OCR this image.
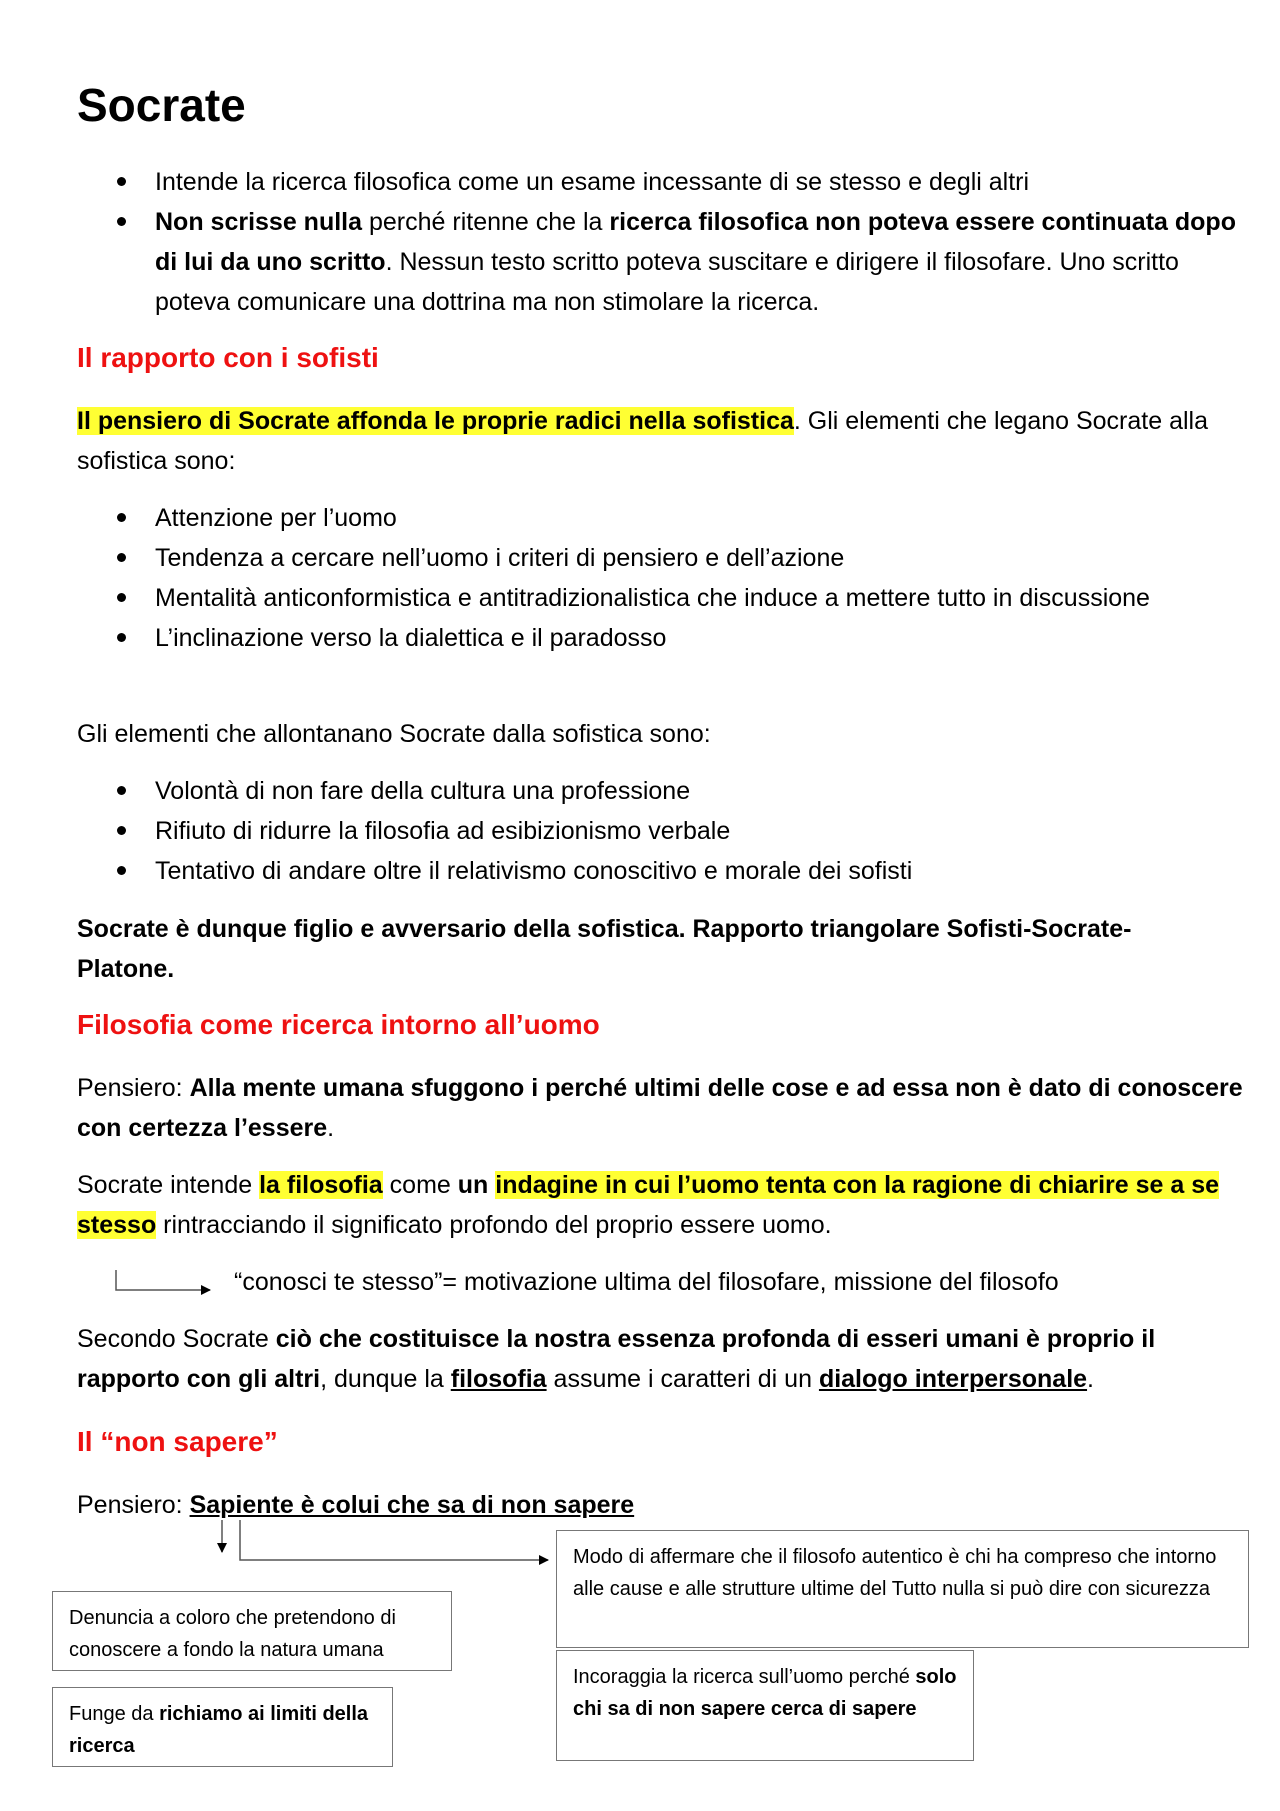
Socrate
Intende la ricerca filosofica come un esame incessante di se stesso e degli altri
Non scrisse nulla perché ritenne che la ricerca filosofica non poteva essere continuata dopo di lui da uno scritto. Nessun testo scritto poteva suscitare e dirigere il filosofare. Uno scritto poteva comunicare una dottrina ma non stimolare la ricerca.
Il rapporto con i sofisti

Il pensiero di Socrate affonda le proprie radici nella sofistica. Gli elementi che legano Socrate alla sofistica sono:

Attenzione per l’uomo
Tendenza a cercare nell’uomo i criteri di pensiero e dell’azione
Mentalità anticonformistica e antitradizionalistica che induce a mettere tutto in discussione
L’inclinazione verso la dialettica e il paradosso

Gli elementi che allontanano Socrate dalla sofistica sono:

Volontà di non fare della cultura una professione
Rifiuto di ridurre la filosofia ad esibizionismo verbale
Tentativo di andare oltre il relativismo conoscitivo e morale dei sofisti

Socrate è dunque figlio e avversario della sofistica. Rapporto triangolare Sofisti-Socrate-Platone.

Filosofia come ricerca intorno all’uomo

Pensiero: Alla mente umana sfuggono i perché ultimi delle cose e ad essa non è dato di conoscere con certezza l’essere.

Socrate intende la filosofia come un indagine in cui l’uomo tenta con la ragione di chiarire se a se stesso rintracciando il significato profondo del proprio essere uomo.

“conosci te stesso”= motivazione ultima del filosofare, missione del filosofo

Secondo Socrate ciò che costituisce la nostra essenza profonda di esseri umani è proprio il rapporto con gli altri, dunque la filosofia assume i caratteri di un dialogo interpersonale.

Il “non sapere”

Pensiero: Sapiente è colui che sa di non sapere

Denuncia a coloro che pretendono di conoscere a fondo la natura umana
Funge da richiamo ai limiti della ricerca
Modo di affermare che il filosofo autentico è chi ha compreso che intorno alle cause e alle strutture ultime del Tutto nulla si può dire con sicurezza
Incoraggia la ricerca sull’uomo perché solo chi sa di non sapere cerca di sapere
